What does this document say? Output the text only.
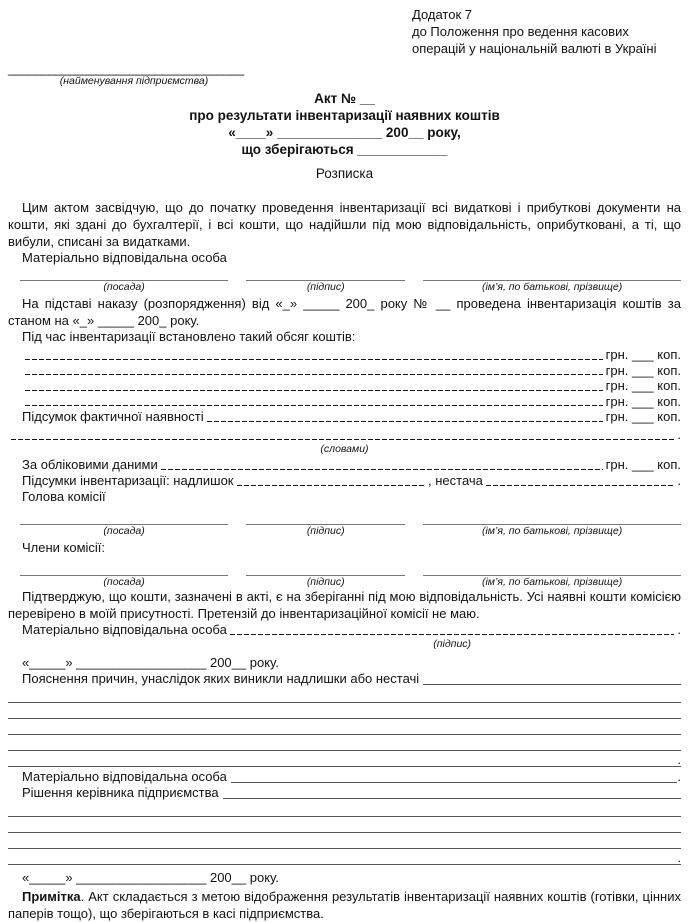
Додаток 7
до Положення про ведення касових
операцій у національній валюті в Україні
___________________________________
(найменування підприємства)
Акт № __
про результати інвентаризації наявних коштів
«____» ______________ 200__ року,
що зберігаються ____________
Розписка

Цим актом засвідчую, що до початку проведення інвентаризації всі видаткові і прибуткові документи на кошти, які здані до бухгалтерії, і всі кошти, що надійшли під мою відповідальність, оприбутковані, а ті, що вибули, списані за видатками.

Матеріально відповідальна особа
(посада)	(підпис)	(ім’я, по батькові, прізвище)

На підставі наказу (розпорядження) від «_» _____ 200_ року № __ проведена інвентаризація коштів за станом на «_» _____ 200_ року.

Під час інвентаризації встановлено такий обсяг коштів:
грн. ___ коп.
грн. ___ коп.
грн. ___ коп.
грн. ___ коп.
Підсумок фактичної наявності	грн. ___ коп.
.
(словами)
За обліковими даними	грн. ___ коп.
Підсумки інвентаризації: надлишок	, нестача	.
Голова комісії
(посада)	(підпис)	(ім’я, по батькові, прізвище)
Члени комісії:
(посада)	(підпис)	(ім’я, по батькові, прізвище)

Підтверджую, що кошти, зазначені в акті, є на зберіганні під мою відповідальність. Усі наявні кошти комісією перевірено в моїй присутності. Претензій до інвентаризаційної комісії не маю.

Матеріально відповідальна особа	.
(підпис)
«_____» __________________ 200__ року.
Пояснення причин, унаслідок яких виникли надлишки або нестачі
.
Матеріально відповідальна особа	.
Рішення керівника підприємства
.
«_____» __________________ 200__ року.

Примітка. Акт складається з метою відображення результатів інвентаризації наявних коштів (готівки, цінних паперів тощо), що зберігаються в касі підприємства.
